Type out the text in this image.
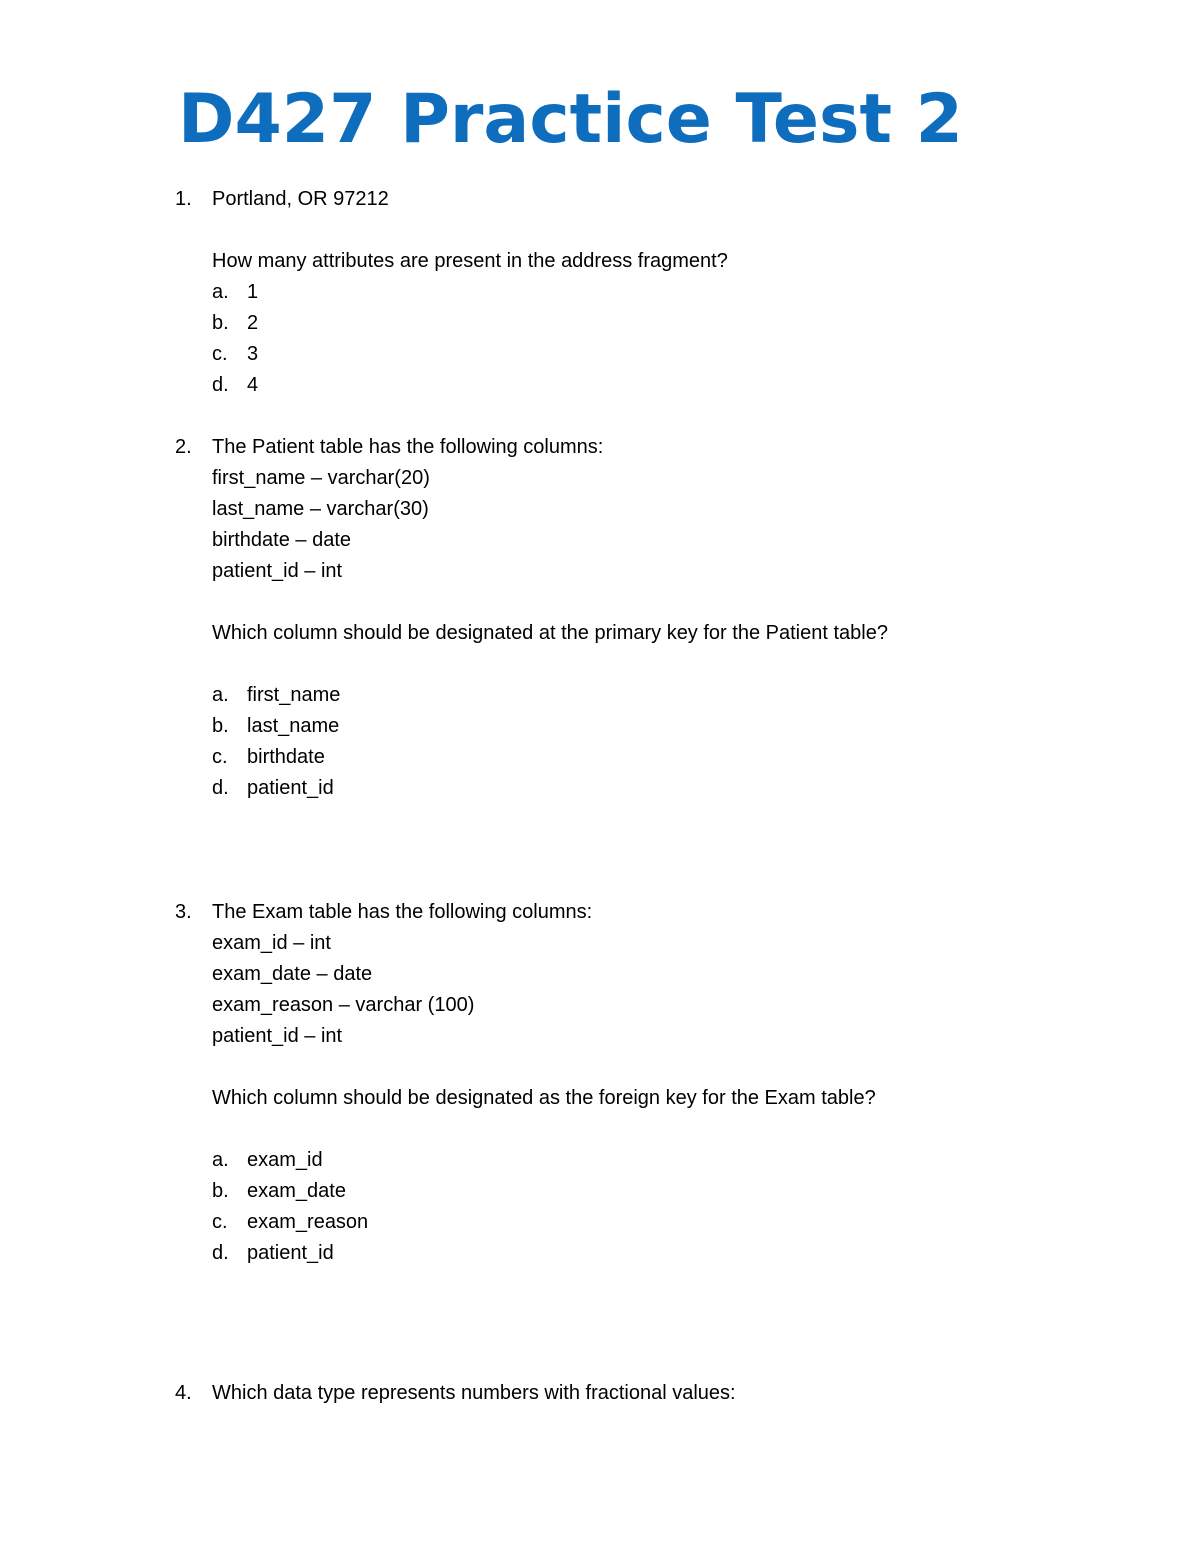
D427 Practice Test 2
1. Portland, OR 97212
How many attributes are present in the address fragment?
a. 1
b. 2
c. 3
d. 4
2. The Patient table has the following columns:
first_name – varchar(20)
last_name – varchar(30)
birthdate – date
patient_id – int
Which column should be designated at the primary key for the Patient table?
a. first_name
b. last_name
c. birthdate
d. patient_id
3. The Exam table has the following columns:
exam_id – int
exam_date – date
exam_reason – varchar (100)
patient_id – int
Which column should be designated as the foreign key for the Exam table?
a. exam_id
b. exam_date
c. exam_reason
d. patient_id
4. Which data type represents numbers with fractional values:
